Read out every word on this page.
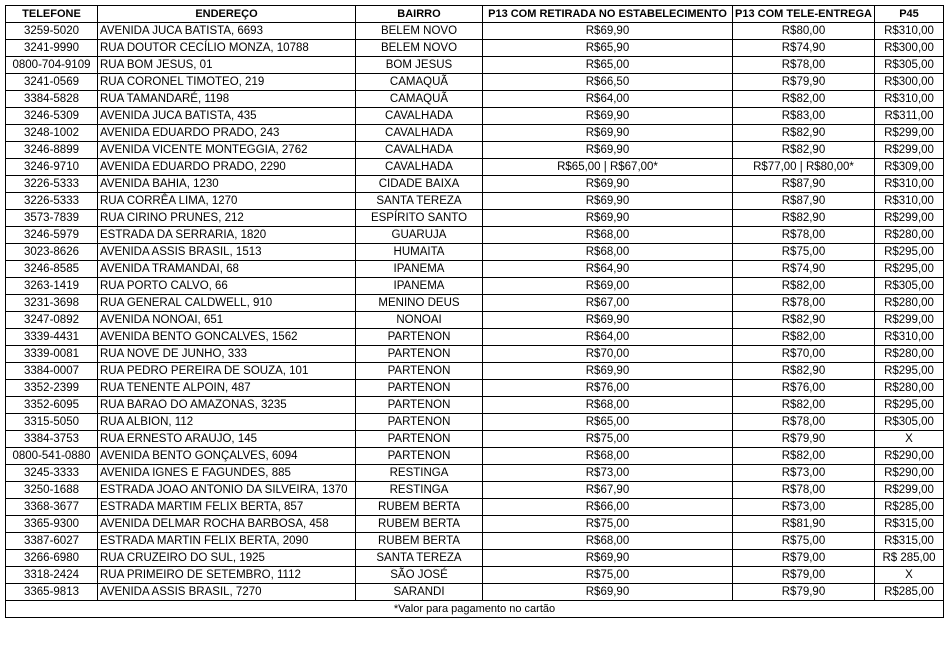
TELEFONE	ENDEREÇO	BAIRRO	P13 COM RETIRADA NO ESTABELECIMENTO	P13 COM TELE-ENTREGA	P45
3259-5020	AVENIDA JUCA BATISTA, 6693	BELEM NOVO	R$69,90	R$80,00	R$310,00
3241-9990	RUA DOUTOR CECÍLIO MONZA, 10788	BELEM NOVO	R$65,90	R$74,90	R$300,00
0800-704-9109	RUA BOM JESUS, 01	BOM JESUS	R$65,00	R$78,00	R$305,00
3241-0569	RUA CORONEL TIMOTEO, 219	CAMAQUÃ	R$66,50	R$79,90	R$300,00
3384-5828	RUA TAMANDARÉ, 1198	CAMAQUÃ	R$64,00	R$82,00	R$310,00
3246-5309	AVENIDA JUCA BATISTA, 435	CAVALHADA	R$69,90	R$83,00	R$311,00
3248-1002	AVENIDA EDUARDO PRADO, 243	CAVALHADA	R$69,90	R$82,90	R$299,00
3246-8899	AVENIDA VICENTE MONTEGGIA, 2762	CAVALHADA	R$69,90	R$82,90	R$299,00
3246-9710	AVENIDA EDUARDO PRADO, 2290	CAVALHADA	R$65,00 | R$67,00*	R$77,00 | R$80,00*	R$309,00
3226-5333	AVENIDA BAHIA, 1230	CIDADE BAIXA	R$69,90	R$87,90	R$310,00
3226-5333	RUA CORRÊA LIMA, 1270	SANTA TEREZA	R$69,90	R$87,90	R$310,00
3573-7839	RUA CIRINO PRUNES, 212	ESPÍRITO SANTO	R$69,90	R$82,90	R$299,00
3246-5979	ESTRADA DA SERRARIA, 1820	GUARUJA	R$68,00	R$78,00	R$280,00
3023-8626	AVENIDA ASSIS BRASIL, 1513	HUMAITA	R$68,00	R$75,00	R$295,00
3246-8585	AVENIDA TRAMANDAI, 68	IPANEMA	R$64,90	R$74,90	R$295,00
3263-1419	RUA PORTO CALVO, 66	IPANEMA	R$69,00	R$82,00	R$305,00
3231-3698	RUA GENERAL CALDWELL, 910	MENINO DEUS	R$67,00	R$78,00	R$280,00
3247-0892	AVENIDA NONOAI, 651	NONOAI	R$69,90	R$82,90	R$299,00
3339-4431	AVENIDA BENTO GONCALVES, 1562	PARTENON	R$64,00	R$82,00	R$310,00
3339-0081	RUA NOVE DE JUNHO, 333	PARTENON	R$70,00	R$70,00	R$280,00
3384-0007	RUA PEDRO PEREIRA DE SOUZA, 101	PARTENON	R$69,90	R$82,90	R$295,00
3352-2399	RUA TENENTE ALPOIN, 487	PARTENON	R$76,00	R$76,00	R$280,00
3352-6095	RUA BARAO DO AMAZONAS, 3235	PARTENON	R$68,00	R$82,00	R$295,00
3315-5050	RUA ALBION, 112	PARTENON	R$65,00	R$78,00	R$305,00
3384-3753	RUA ERNESTO ARAUJO, 145	PARTENON	R$75,00	R$79,90	X
0800-541-0880	AVENIDA BENTO GONÇALVES, 6094	PARTENON	R$68,00	R$82,00	R$290,00
3245-3333	AVENIDA IGNES E FAGUNDES, 885	RESTINGA	R$73,00	R$73,00	R$290,00
3250-1688	ESTRADA JOAO ANTONIO DA SILVEIRA, 1370	RESTINGA	R$67,90	R$78,00	R$299,00
3368-3677	ESTRADA MARTIM FELIX BERTA, 857	RUBEM BERTA	R$66,00	R$73,00	R$285,00
3365-9300	AVENIDA DELMAR ROCHA BARBOSA, 458	RUBEM BERTA	R$75,00	R$81,90	R$315,00
3387-6027	ESTRADA MARTIN FELIX BERTA, 2090	RUBEM BERTA	R$68,00	R$75,00	R$315,00
3266-6980	RUA CRUZEIRO DO SUL, 1925	SANTA TEREZA	R$69,90	R$79,00	R$ 285,00
3318-2424	RUA PRIMEIRO DE SETEMBRO, 1112	SÃO JOSÉ	R$75,00	R$79,00	X
3365-9813	AVENIDA ASSIS BRASIL, 7270	SARANDI	R$69,90	R$79,90	R$285,00
*Valor para pagamento no cartão					
